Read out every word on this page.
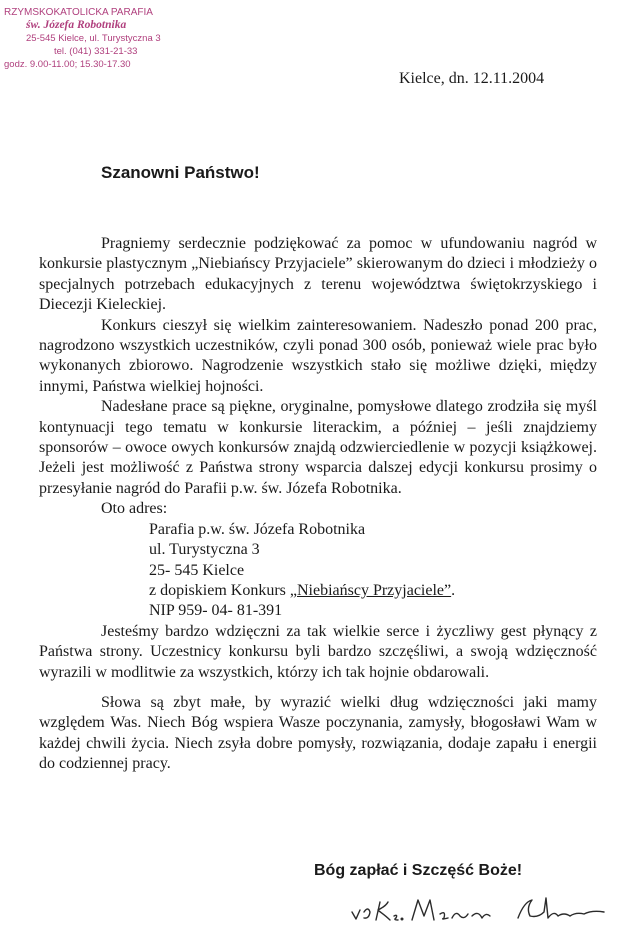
RZYMSKOKATOLICKA PARAFIA
św. Józefa Robotnika
25-545 Kielce, ul. Turystyczna 3
tel. (041) 331-21-33
godz. 9.00-11.00; 15.30-17.30
Kielce, dn. 12.11.2004
Szanowni Państwo!

Pragniemy serdecznie podziękować za pomoc w ufundowaniu nagród w konkursie plastycznym „Niebiańscy Przyjaciele” skierowanym do dzieci i młodzieży o specjalnych potrzebach edukacyjnych z terenu województwa świętokrzyskiego i Diecezji Kieleckiej.

Konkurs cieszył się wielkim zainteresowaniem. Nadeszło ponad 200 prac, nagrodzono wszystkich uczestników, czyli ponad 300 osób, ponieważ wiele prac było wykonanych zbiorowo. Nagrodzenie wszystkich stało się możliwe dzięki, między innymi, Państwa wielkiej hojności.

Nadesłane prace są piękne, oryginalne, pomysłowe dlatego zrodziła się myśl kontynuacji tego tematu w konkursie literackim, a później – jeśli znajdziemy sponsorów – owoce owych konkursów znajdą odzwierciedlenie w pozycji książkowej. Jeżeli jest możliwość z Państwa strony wsparcia dalszej edycji konkursu prosimy o przesyłanie nagród do Parafii p.w. św. Józefa Robotnika.

Oto adres:
Parafia p.w. św. Józefa Robotnika
ul. Turystyczna 3
25- 545 Kielce
z dopiskiem Konkurs „Niebiańscy Przyjaciele”.
NIP 959- 04- 81-391

Jesteśmy bardzo wdzięczni za tak wielkie serce i życzliwy gest płynący z Państwa strony. Uczestnicy konkursu byli bardzo szczęśliwi, a swoją wdzięczność wyrazili w modlitwie za wszystkich, którzy ich tak hojnie obdarowali.

Słowa są zbyt małe, by wyrazić wielki dług wdzięczności jaki mamy względem Was. Niech Bóg wspiera Wasze poczynania, zamysły, błogosławi Wam w każdej chwili życia. Niech zsyła dobre pomysły, rozwiązania, dodaje zapału i energii do codziennej pracy.

Bóg zapłać i Szczęść Boże!
